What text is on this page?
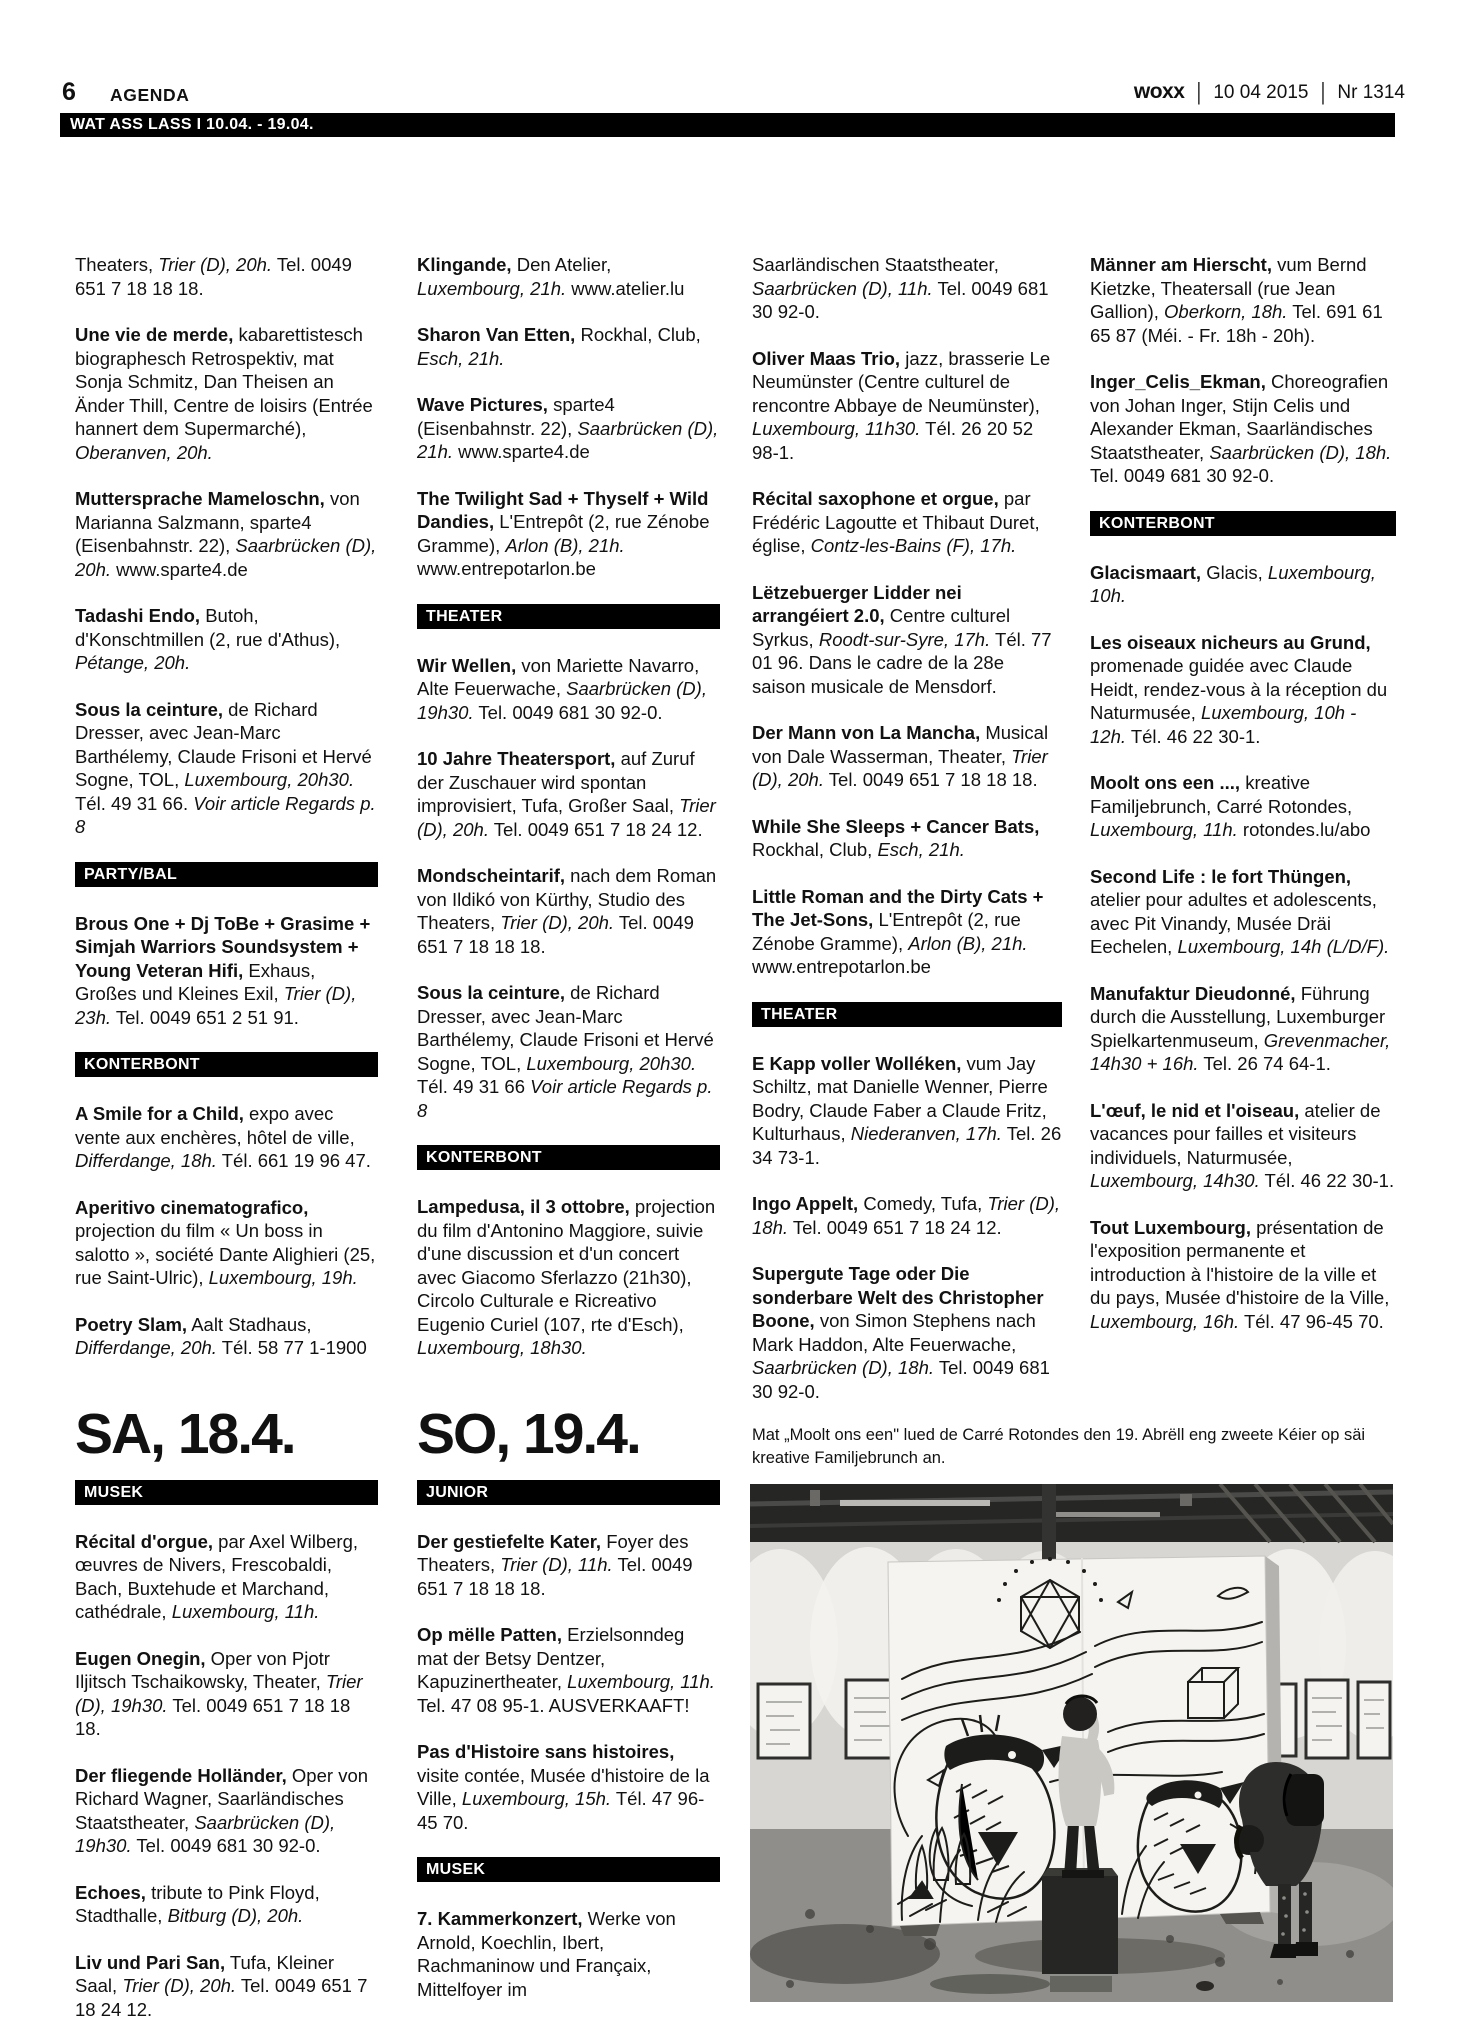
6 AGENDA	woxx | 10 04 2015 | Nr 1314
WAT ASS LASS I 10.04. - 19.04.

Theaters, Trier (D), 20h. Tel. 0049 651 7 18 18 18.

Une vie de merde, kabarettistesch biographesch Retrospektiv, mat Sonja Schmitz, Dan Theisen an Änder Thill, Centre de loisirs (Entrée hannert dem Supermarché), Oberanven, 20h.

Muttersprache Mameloschn, von Marianna Salzmann, sparte4 (Eisenbahnstr. 22), Saarbrücken (D), 20h. www.sparte4.de

Tadashi Endo, Butoh, d'Konschtmillen (2, rue d'Athus), Pétange, 20h.

Sous la ceinture, de Richard Dresser, avec Jean-Marc Barthélemy, Claude Frisoni et Hervé Sogne, TOL, Luxembourg, 20h30. Tél. 49 31 66. Voir article Regards p. 8

PARTY/BAL

Brous One + Dj ToBe + Grasime + Simjah Warriors Soundsystem + Young Veteran Hifi, Exhaus, Großes und Kleines Exil, Trier (D), 23h. Tel. 0049 651 2 51 91.

KONTERBONT

A Smile for a Child, expo avec vente aux enchères, hôtel de ville, Differdange, 18h. Tél. 661 19 96 47.

Aperitivo cinematografico, projection du film « Un boss in salotto », société Dante Alighieri (25, rue Saint-Ulric), Luxembourg, 19h.

Poetry Slam, Aalt Stadhaus, Differdange, 20h. Tél. 58 77 1-1900

SA, 18.4.
MUSEK

Récital d'orgue, par Axel Wilberg, œuvres de Nivers, Frescobaldi, Bach, Buxtehude et Marchand, cathédrale, Luxembourg, 11h.

Eugen Onegin, Oper von Pjotr Iljitsch Tschaikowsky, Theater, Trier (D), 19h30. Tel. 0049 651 7 18 18 18.

Der fliegende Holländer, Oper von Richard Wagner, Saarländisches Staatstheater, Saarbrücken (D), 19h30. Tel. 0049 681 30 92-0.

Echoes, tribute to Pink Floyd, Stadthalle, Bitburg (D), 20h.

Liv und Pari San, Tufa, Kleiner Saal, Trier (D), 20h. Tel. 0049 651 7 18 24 12.

Klingande, Den Atelier, Luxembourg, 21h. www.atelier.lu

Sharon Van Etten, Rockhal, Club, Esch, 21h.

Wave Pictures, sparte4 (Eisenbahnstr. 22), Saarbrücken (D), 21h. www.sparte4.de

The Twilight Sad + Thyself + Wild Dandies, L'Entrepôt (2, rue Zénobe Gramme), Arlon (B), 21h. www.entrepotarlon.be

THEATER

Wir Wellen, von Mariette Navarro, Alte Feuerwache, Saarbrücken (D), 19h30. Tel. 0049 681 30 92-0.

10 Jahre Theatersport, auf Zuruf der Zuschauer wird spontan improvisiert, Tufa, Großer Saal, Trier (D), 20h. Tel. 0049 651 7 18 24 12.

Mondscheintarif, nach dem Roman von Ildikó von Kürthy, Studio des Theaters, Trier (D), 20h. Tel. 0049 651 7 18 18 18.

Sous la ceinture, de Richard Dresser, avec Jean-Marc Barthélemy, Claude Frisoni et Hervé Sogne, TOL, Luxembourg, 20h30. Tél. 49 31 66 Voir article Regards p. 8

KONTERBONT

Lampedusa, il 3 ottobre, projection du film d'Antonino Maggiore, suivie d'une discussion et d'un concert avec Giacomo Sferlazzo (21h30), Circolo Culturale e Ricreativo Eugenio Curiel (107, rte d'Esch), Luxembourg, 18h30.

SO, 19.4.
JUNIOR

Der gestiefelte Kater, Foyer des Theaters, Trier (D), 11h. Tel. 0049 651 7 18 18 18.

Op mëlle Patten, Erzielsonndeg mat der Betsy Dentzer, Kapuzinertheater, Luxembourg, 11h. Tel. 47 08 95-1. AUSVERKAAFT!

Pas d'Histoire sans histoires, visite contée, Musée d'histoire de la Ville, Luxembourg, 15h. Tél. 47 96-45 70.

MUSEK

7. Kammerkonzert, Werke von Arnold, Koechlin, Ibert, Rachmaninow und Françaix, Mittelfoyer im

Saarländischen Staatstheater, Saarbrücken (D), 11h. Tel. 0049 681 30 92-0.

Oliver Maas Trio, jazz, brasserie Le Neumünster (Centre culturel de rencontre Abbaye de Neumünster), Luxembourg, 11h30. Tél. 26 20 52 98-1.

Récital saxophone et orgue, par Frédéric Lagoutte et Thibaut Duret, église, Contz-les-Bains (F), 17h.

Lëtzebuerger Lidder nei arrangéiert 2.0, Centre culturel Syrkus, Roodt-sur-Syre, 17h. Tél. 77 01 96. Dans le cadre de la 28e saison musicale de Mensdorf.

Der Mann von La Mancha, Musical von Dale Wasserman, Theater, Trier (D), 20h. Tel. 0049 651 7 18 18 18.

While She Sleeps + Cancer Bats, Rockhal, Club, Esch, 21h.

Little Roman and the Dirty Cats + The Jet-Sons, L'Entrepôt (2, rue Zénobe Gramme), Arlon (B), 21h. www.entrepotarlon.be

THEATER

E Kapp voller Wolléken, vum Jay Schiltz, mat Danielle Wenner, Pierre Bodry, Claude Faber a Claude Fritz, Kulturhaus, Niederanven, 17h. Tel. 26 34 73-1.

Ingo Appelt, Comedy, Tufa, Trier (D), 18h. Tel. 0049 651 7 18 24 12.

Supergute Tage oder Die sonderbare Welt des Christopher Boone, von Simon Stephens nach Mark Haddon, Alte Feuerwache, Saarbrücken (D), 18h. Tel. 0049 681 30 92-0.

Männer am Hierscht, vum Bernd Kietzke, Theatersall (rue Jean Gallion), Oberkorn, 18h. Tel. 691 61 65 87 (Méi. - Fr. 18h - 20h).

Inger_Celis_Ekman, Choreografien von Johan Inger, Stijn Celis und Alexander Ekman, Saarländisches Staatstheater, Saarbrücken (D), 18h. Tel. 0049 681 30 92-0.

KONTERBONT

Glacismaart, Glacis, Luxembourg, 10h.

Les oiseaux nicheurs au Grund, promenade guidée avec Claude Heidt, rendez-vous à la réception du Naturmusée, Luxembourg, 10h - 12h. Tél. 46 22 30-1.

Moolt ons een ..., kreative Familjebrunch, Carré Rotondes, Luxembourg, 11h. rotondes.lu/abo

Second Life : le fort Thüngen, atelier pour adultes et adolescents, avec Pit Vinandy, Musée Dräi Eechelen, Luxembourg, 14h (L/D/F).

Manufaktur Dieudonné, Führung durch die Ausstellung, Luxemburger Spielkartenmuseum, Grevenmacher, 14h30 + 16h. Tel. 26 74 64-1.

L'œuf, le nid et l'oiseau, atelier de vacances pour failles et visiteurs individuels, Naturmusée, Luxembourg, 14h30. Tél. 46 22 30-1.

Tout Luxembourg, présentation de l'exposition permanente et introduction à l'histoire de la ville et du pays, Musée d'histoire de la Ville, Luxembourg, 16h. Tél. 47 96-45 70.

Mat „Moolt ons een" lued de Carré Rotondes den 19. Abrëll eng zweete Kéier op säi kreative Familjebrunch an.
